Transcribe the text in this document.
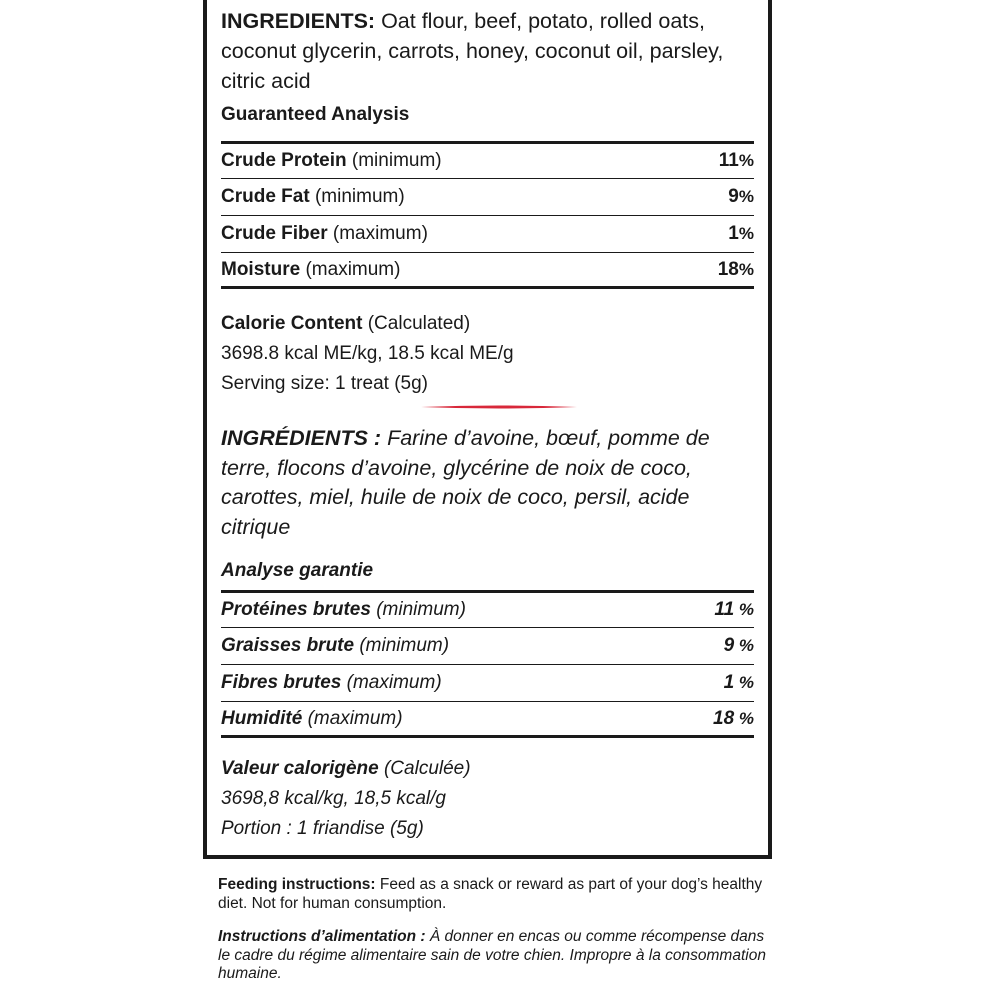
INGREDIENTS: Oat flour, beef, potato, rolled oats, coconut glycerin, carrots, honey, coconut oil, parsley, citric acid
Guaranteed Analysis
Crude Protein (minimum)	11%
Crude Fat (minimum)	9%
Crude Fiber (maximum)	1%
Moisture (maximum)	18%
Calorie Content (Calculated)
3698.8 kcal ME/kg, 18.5 kcal ME/g
Serving size: 1 treat (5g)
INGRÉDIENTS : Farine d’avoine, bœuf, pomme de terre, flocons d’avoine, glycérine de noix de coco, carottes, miel, huile de noix de coco, persil, acide citrique
Analyse garantie
Protéines brutes (minimum)	11 %
Graisses brute (minimum)	9 %
Fibres brutes (maximum)	1 %
Humidité (maximum)	18 %
Valeur calorigène (Calculée)
3698,8 kcal/kg, 18,5 kcal/g
Portion : 1 friandise (5g)
Feeding instructions: Feed as a snack or reward as part of your dog’s healthy diet. Not for human consumption.
Instructions d’alimentation : À donner en encas ou comme récompense dans le cadre du régime alimentaire sain de votre chien. Impropre à la consommation humaine.
